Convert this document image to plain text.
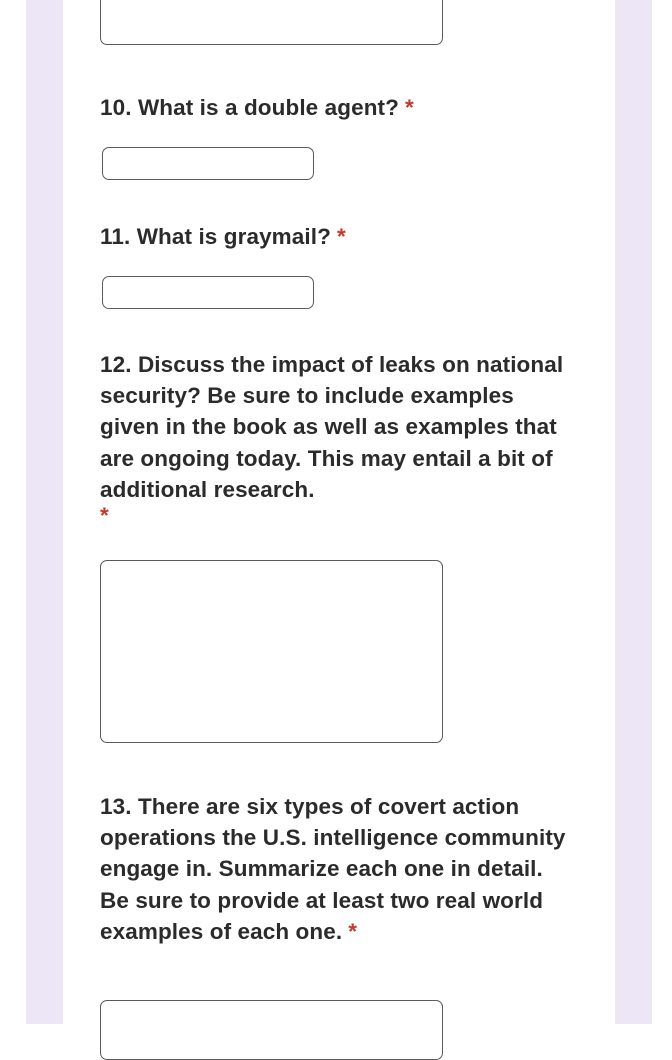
10. What is a double agent? *
11. What is graymail? *
12. Discuss the impact of leaks on national security? Be sure to include examples given in the book as well as examples that are ongoing today. This may entail a bit of additional research.
*
13. There are six types of covert action operations the U.S. intelligence community engage in. Summarize each one in detail. Be sure to provide at least two real world examples of each one. *
